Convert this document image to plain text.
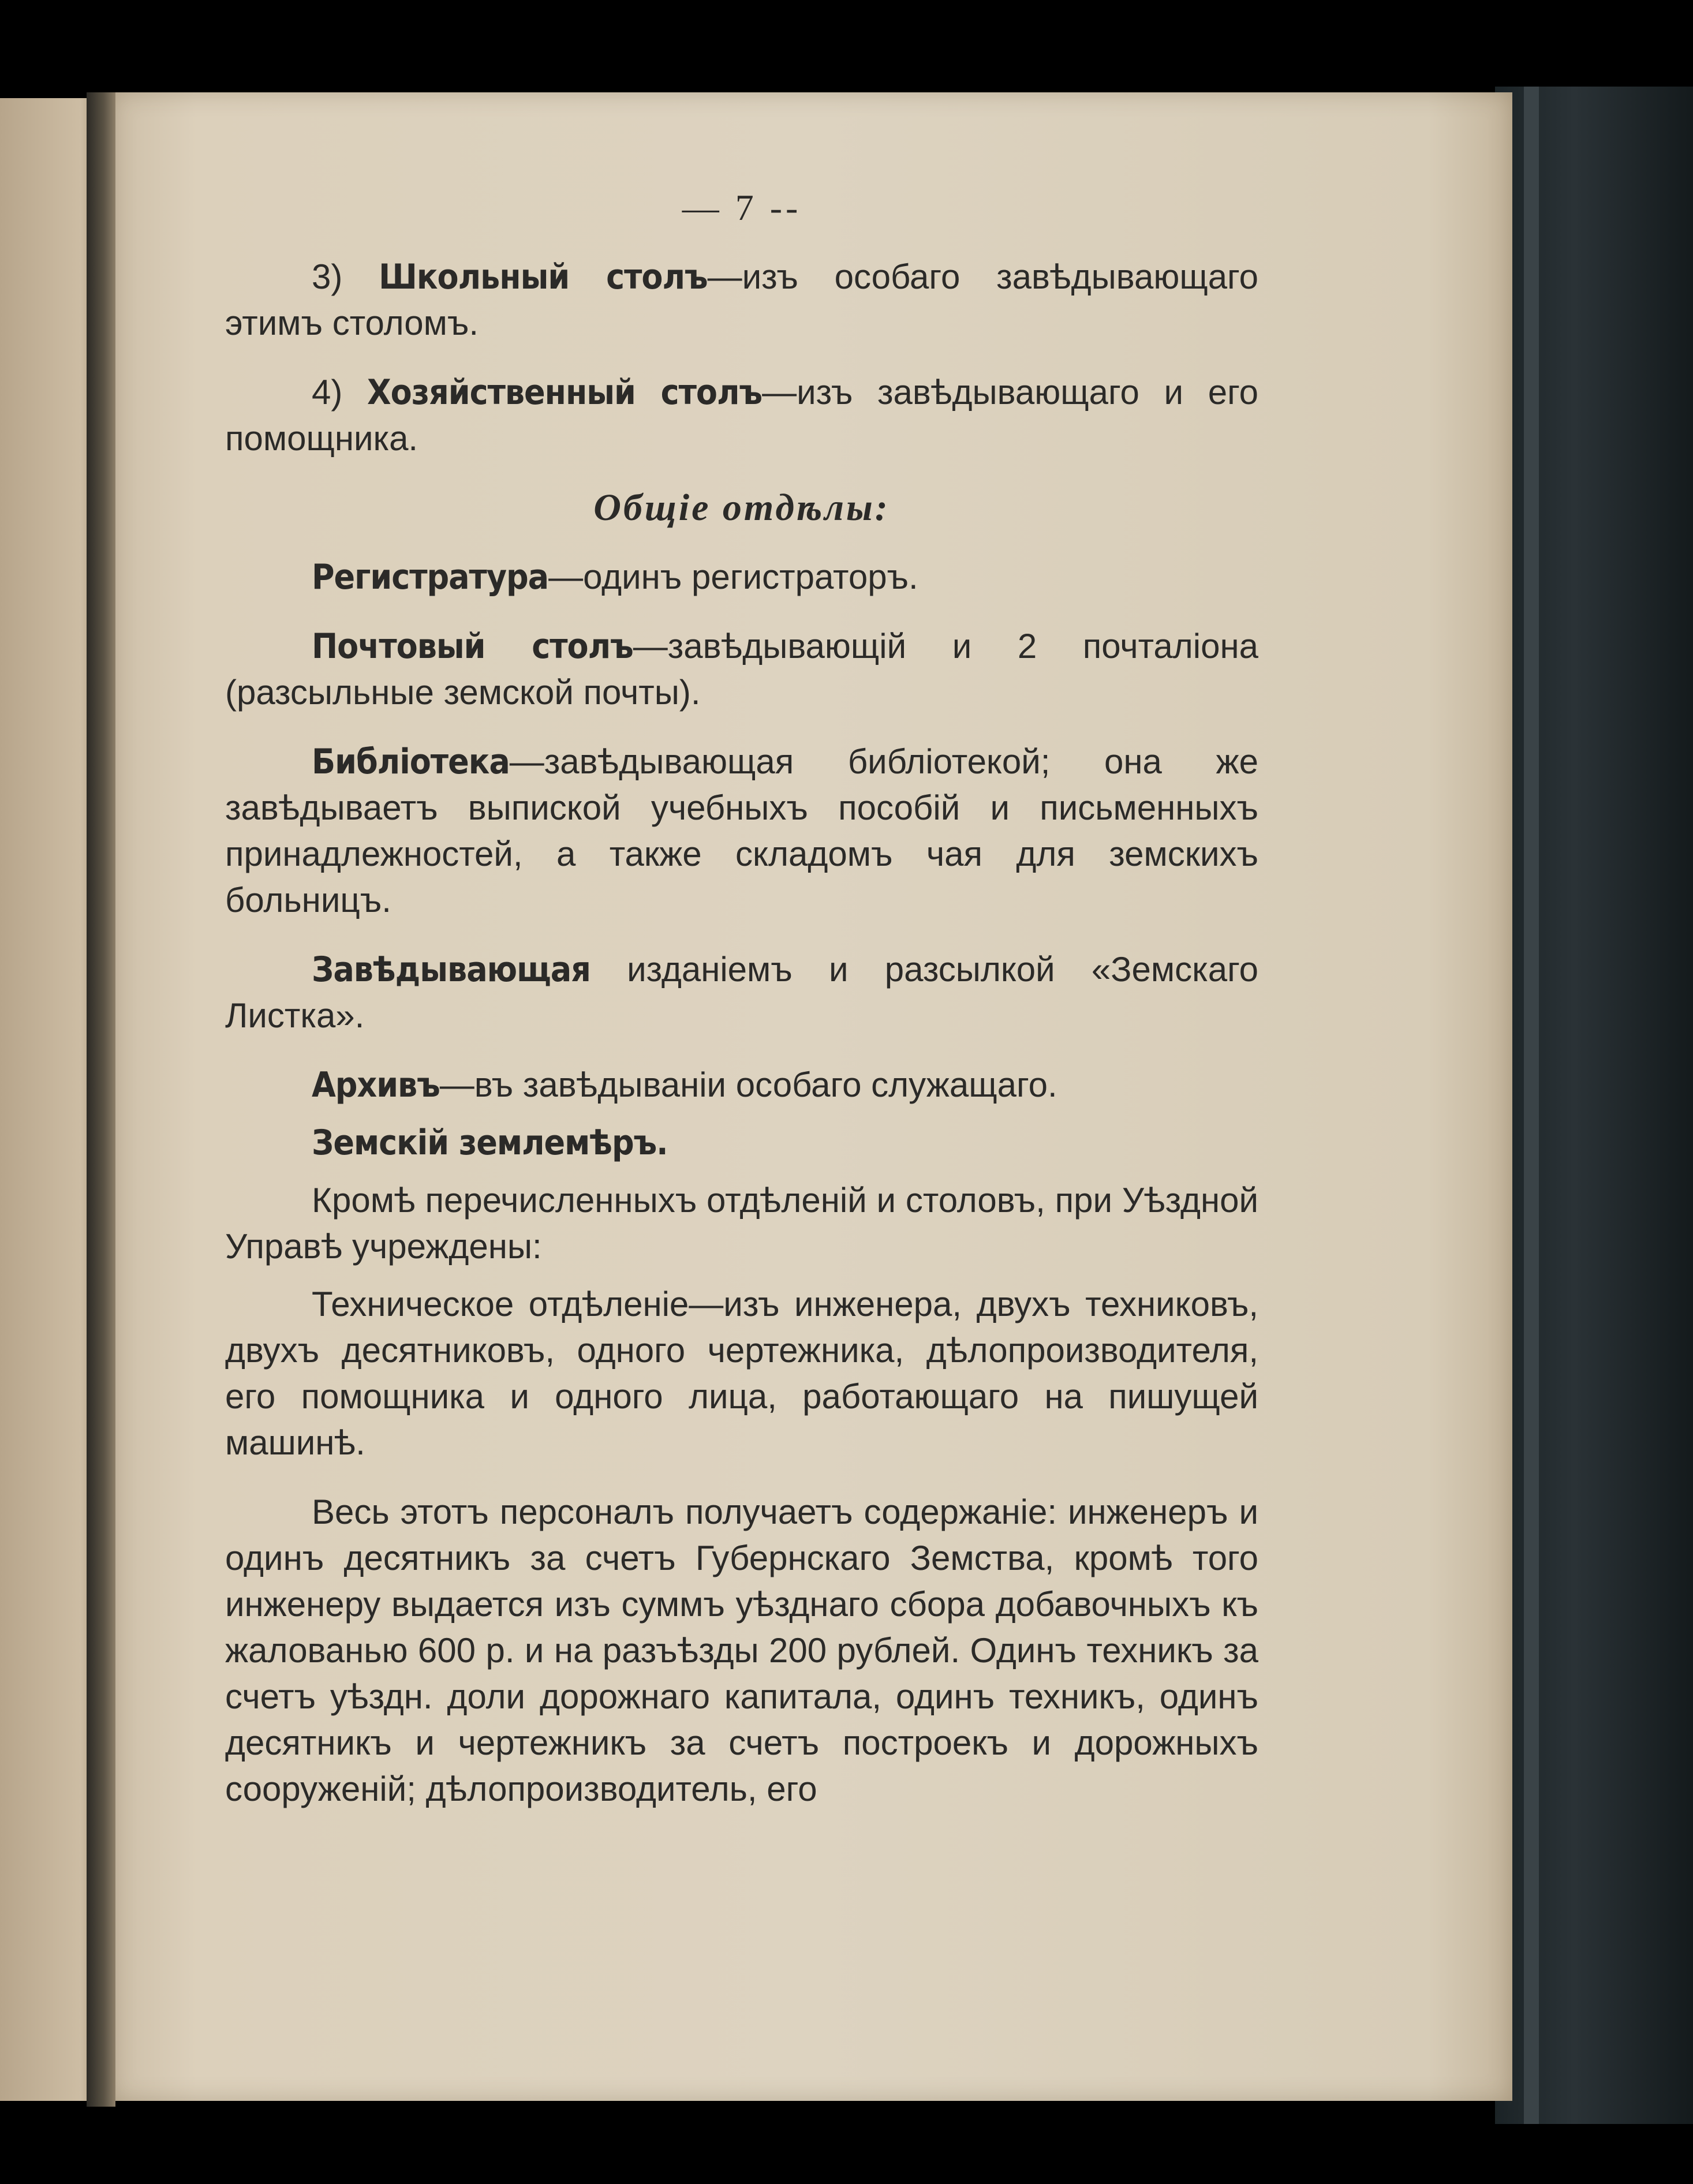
— 7 --

3) Школьный столъ—изъ особаго завѣдывающаго этимъ столомъ.

4) Хозяйственный столъ—изъ завѣдывающаго и его помощника.

Общіе отдѣлы:

Регистратура—одинъ регистраторъ.

Почтовый столъ—завѣдывающій и 2 почталіона (разсыльные земской почты).

Библіотека—завѣдывающая библіотекой; она же завѣдываетъ выпиской учебныхъ пособій и письменныхъ принадлежностей, а также складомъ чая для земскихъ больницъ.

Завѣдывающая изданіемъ и разсылкой «Земскаго Листка».

Архивъ—въ завѣдываніи особаго служащаго.

Земскій землемѣръ.

Кромѣ перечисленныхъ отдѣленій и столовъ, при Уѣздной Управѣ учреждены:

Техническое отдѣленіе—изъ инженера, двухъ техниковъ, двухъ десятниковъ, одного чертежника, дѣлопроизводителя, его помощника и одного лица, работающаго на пишущей машинѣ.

Весь этотъ персоналъ получаетъ содержаніе: инженеръ и одинъ десятникъ за счетъ Губернскаго Земства, кромѣ того инженеру выдается изъ суммъ уѣзднаго сбора добавочныхъ къ жалованью 600 р. и на разъѣзды 200 рублей. Одинъ техникъ за счетъ уѣздн. доли дорожнаго капитала, одинъ техникъ, одинъ десятникъ и чертежникъ за счетъ построекъ и дорожныхъ сооруженій; дѣлопроизводитель, его
